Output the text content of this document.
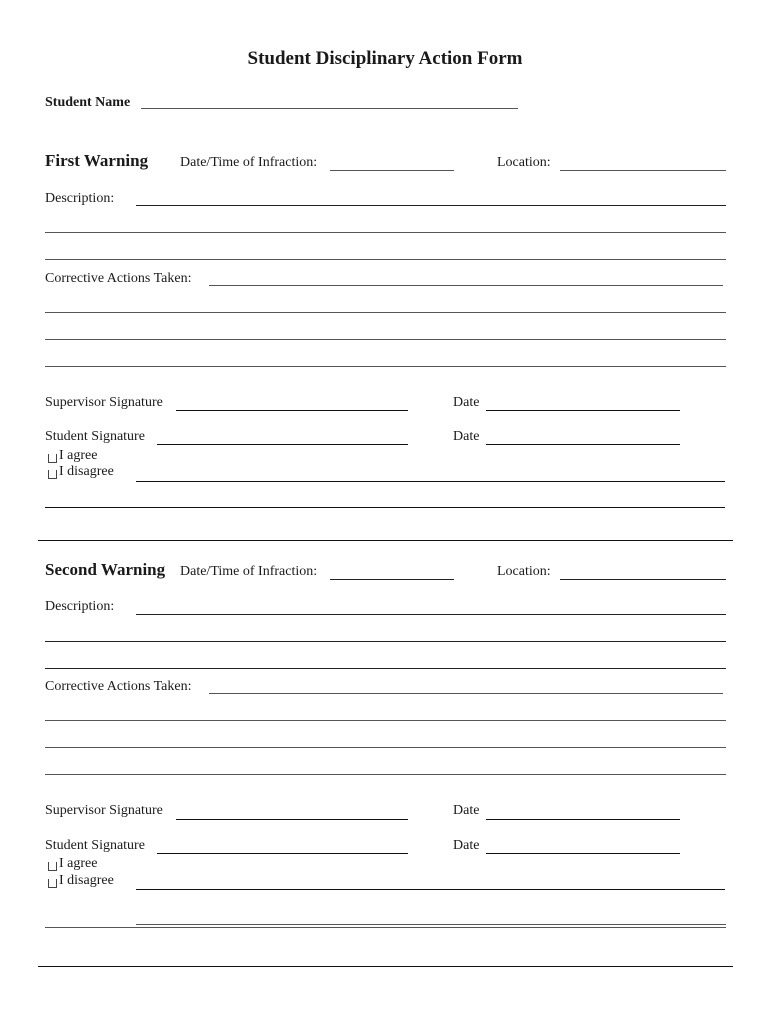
Student Disciplinary Action Form
Student Name
First Warning Date/Time of Infraction:	Location:
Description:
Corrective Actions Taken:
Supervisor Signature	Date
Student Signature	Date
I agree
I disagree
Second Warning Date/Time of Infraction:	Location:
Description:
Corrective Actions Taken:
Supervisor Signature	Date
Student Signature	Date
I agree
I disagree
